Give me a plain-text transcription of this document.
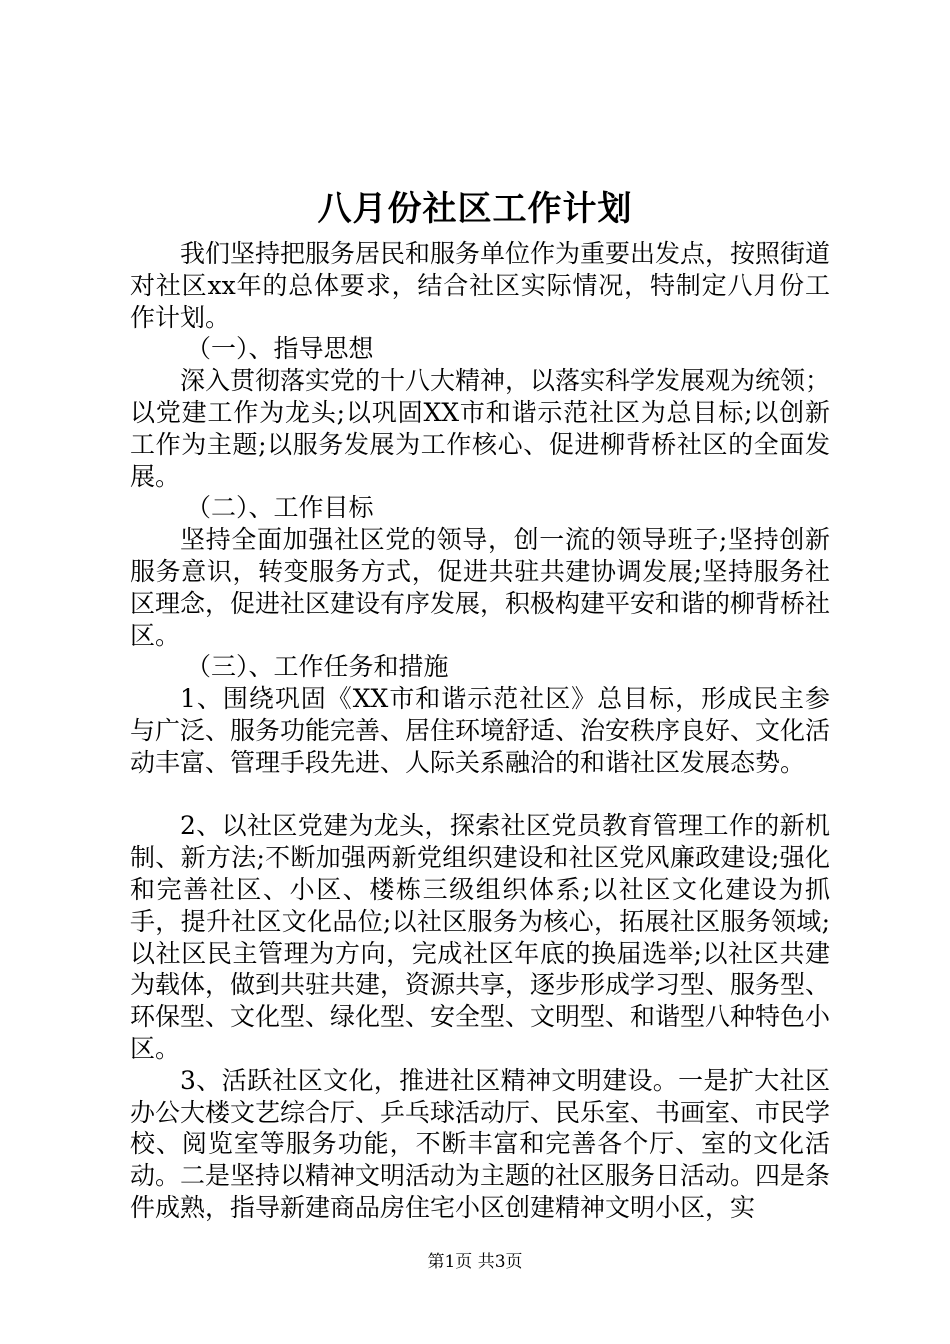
八月份社区工作计划

我们坚持把服务居民和服务单位作为重要出发点，按照街道对社区xx年的总体要求，结合社区实际情况，特制定八月份工作计划。

（一）、指导思想

深入贯彻落实党的十八大精神，以落实科学发展观为统领；以党建工作为龙头;以巩固XX市和谐示范社区为总目标;以创新工作为主题;以服务发展为工作核心、促进柳背桥社区的全面发展。

（二）、工作目标

坚持全面加强社区党的领导，创一流的领导班子;坚持创新服务意识，转变服务方式，促进共驻共建协调发展;坚持服务社区理念，促进社区建设有序发展，积极构建平安和谐的柳背桥社区。

（三）、工作任务和措施

1、围绕巩固《XX市和谐示范社区》总目标，形成民主参与广泛、服务功能完善、居住环境舒适、治安秩序良好、文化活动丰富、管理手段先进、人际关系融洽的和谐社区发展态势。

2、以社区党建为龙头，探索社区党员教育管理工作的新机制、新方法;不断加强两新党组织建设和社区党风廉政建设;强化和完善社区、小区、楼栋三级组织体系;以社区文化建设为抓手，提升社区文化品位;以社区服务为核心，拓展社区服务领域;以社区民主管理为方向，完成社区年底的换届选举;以社区共建为载体，做到共驻共建，资源共享，逐步形成学习型、服务型、环保型、文化型、绿化型、安全型、文明型、和谐型八种特色小区。

3、活跃社区文化，推进社区精神文明建设。一是扩大社区办公大楼文艺综合厅、乒乓球活动厅、民乐室、书画室、市民学校、阅览室等服务功能，不断丰富和完善各个厅、室的文化活动。二是坚持以精神文明活动为主题的社区服务日活动。四是条件成熟，指导新建商品房住宅小区创建精神文明小区，实

第1页 共3页
